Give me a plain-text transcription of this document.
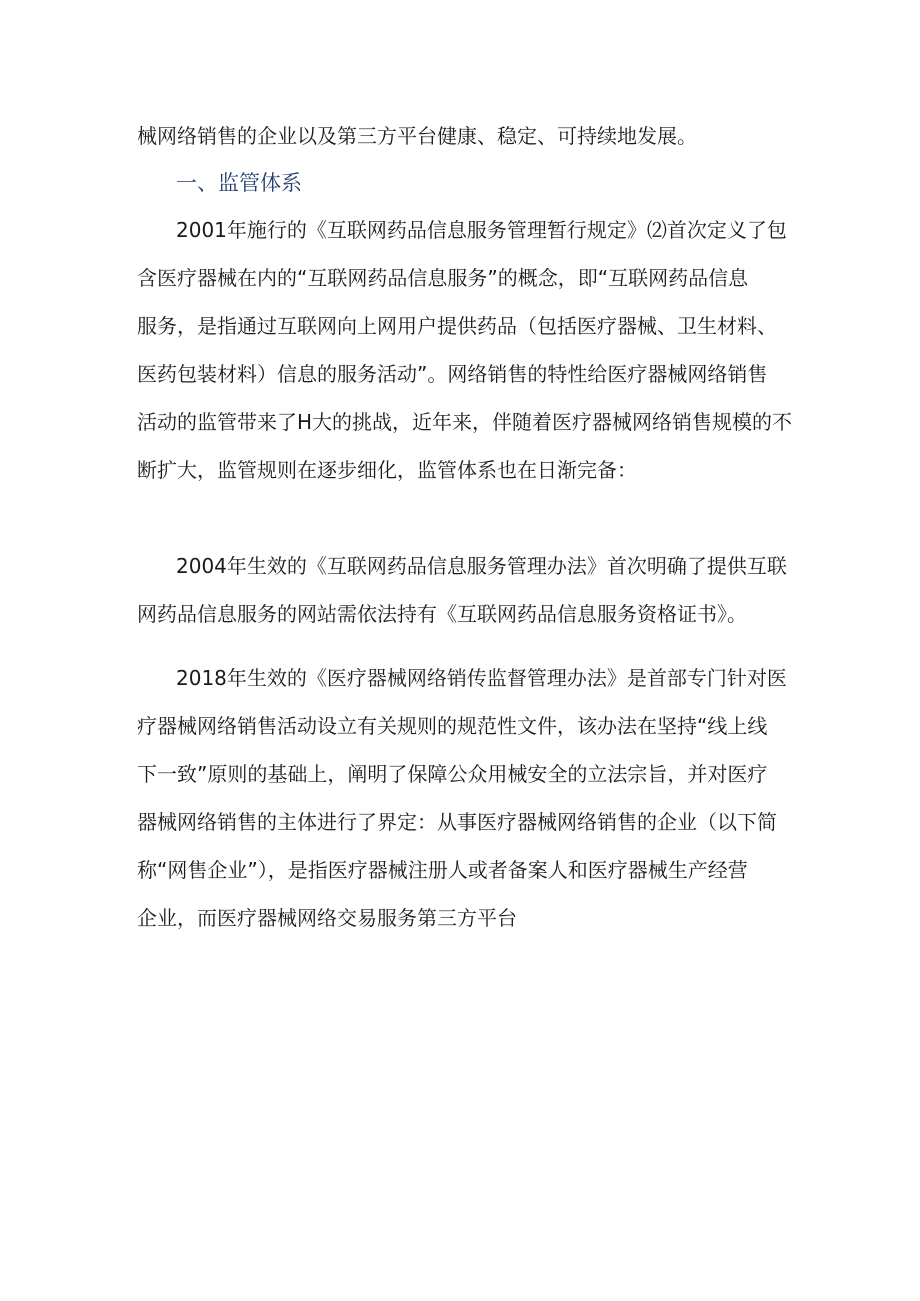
械网络销售的企业以及第三方平台健康、稳定、可持续地发展。
一、监管体系
2001年施行的《互联网药品信息服务管理暂行规定》⑵首次定义了包
含医疗器械在内的“互联网药品信息服务”的概念，即“互联网药品信息
服务，是指通过互联网向上网用户提供药品（包括医疗器械、卫生材料、
医药包装材料）信息的服务活动”。网络销售的特性给医疗器械网络销售
活动的监管带来了H大的挑战，近年来，伴随着医疗器械网络销售规模的不
断扩大，监管规则在逐步细化，监管体系也在日渐完备：
2004年生效的《互联网药品信息服务管理办法》首次明确了提供互联
网药品信息服务的网站需依法持有《互联网药品信息服务资格证书》。
2018年生效的《医疗器械网络销传监督管理办法》是首部专门针对医
疗器械网络销售活动设立有关规则的规范性文件，该办法在坚持“线上线
下一致”原则的基础上，阐明了保障公众用械安全的立法宗旨，并对医疗
器械网络销售的主体进行了界定：从事医疗器械网络销售的企业（以下简
称“网售企业”），是指医疗器械注册人或者备案人和医疗器械生产经营
企业，而医疗器械网络交易服务第三方平台
